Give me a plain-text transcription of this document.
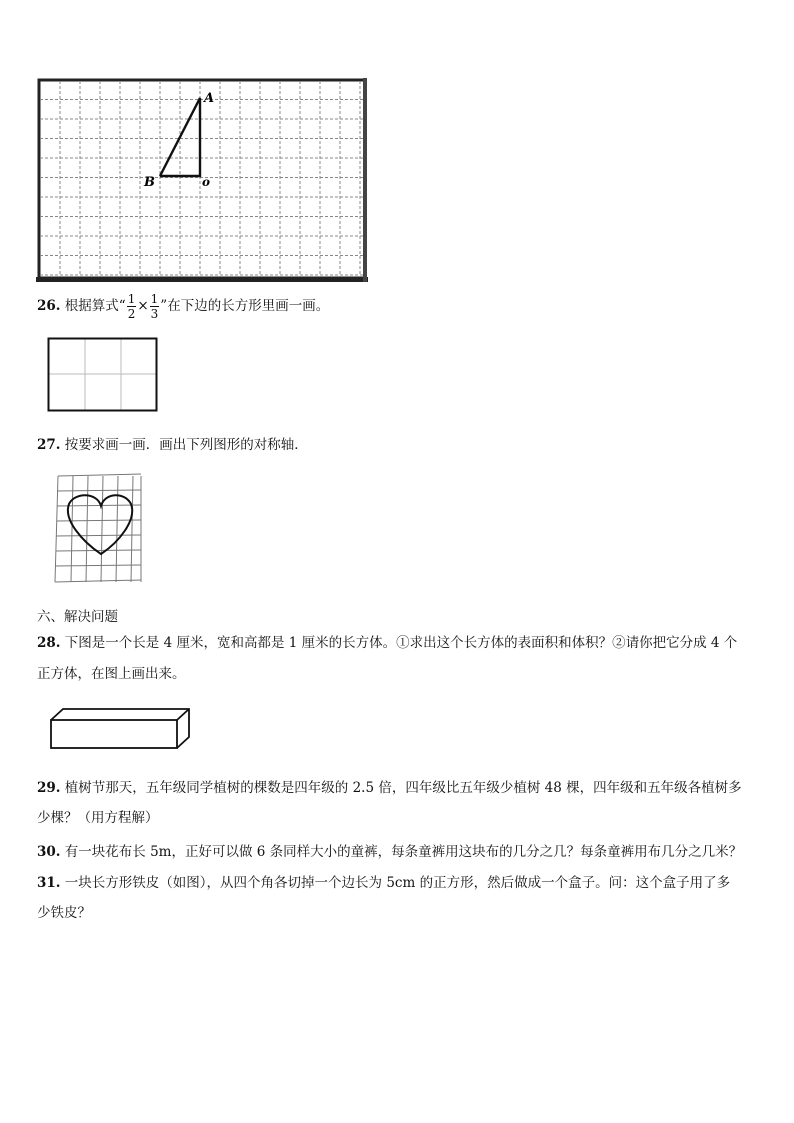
A
B	o
26. 根据算式“ $\frac{1}{2} \times \frac{1}{3}$ ”在下边的长方形里画一画。
27. 按要求画一画．画出下列图形的对称轴．
六、解决问题
28. 下图是一个长是 4 厘米，宽和高都是 1 厘米的长方体。①求出这个长方体的表面积和体积？②请你把它分成 4 个
正方体，在图上画出来。
29. 植树节那天，五年级同学植树的棵数是四年级的 2.5 倍，四年级比五年级少植树 48 棵，四年级和五年级各植树多
少棵？（用方程解）
30. 有一块花布长 5m，正好可以做 6 条同样大小的童裤，每条童裤用这块布的几分之几？每条童裤用布几分之几米？
31. 一块长方形铁皮（如图），从四个角各切掉一个边长为 5cm 的正方形，然后做成一个盒子。问：这个盒子用了多
少铁皮？
